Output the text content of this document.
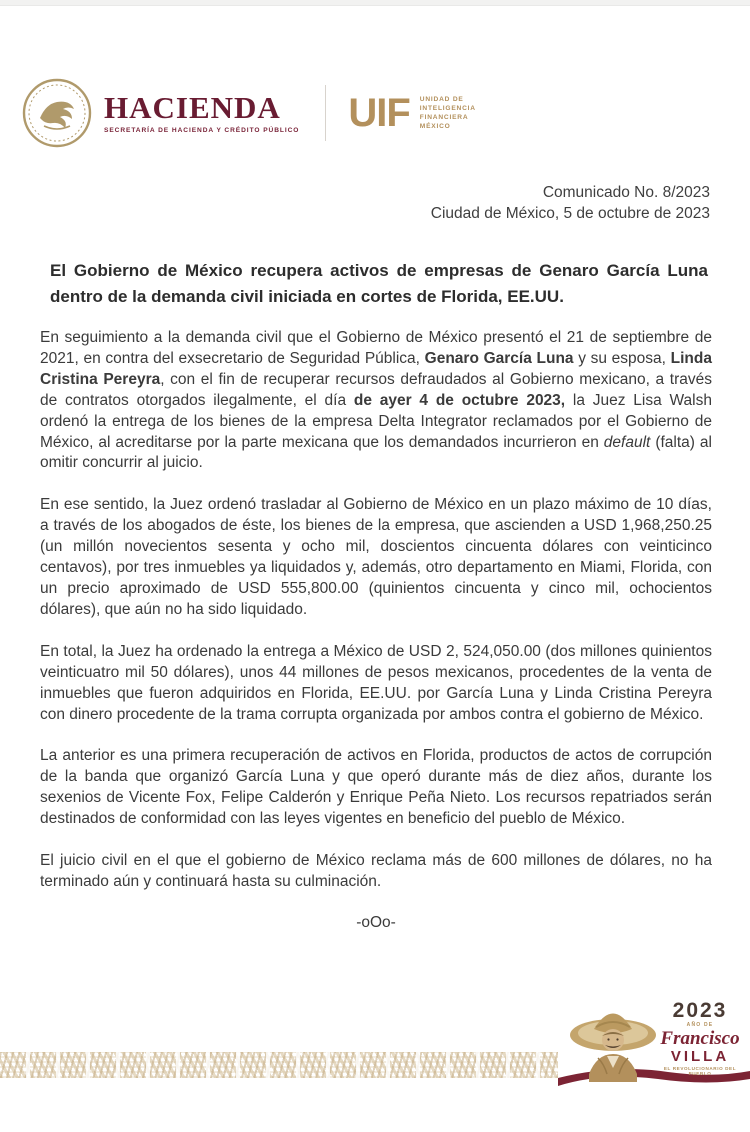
HACIENDA
SECRETARÍA DE HACIENDA Y CRÉDITO PÚBLICO UIF UNIDAD DE
INTELIGENCIA
FINANCIERA
MÉXICO
Comunicado No. 8/2023
Ciudad de México, 5 de octubre de 2023
El Gobierno de México recupera activos de empresas de Genaro García Luna dentro de la demanda civil iniciada en cortes de Florida, EE.UU.

En seguimiento a la demanda civil que el Gobierno de México presentó el 21 de septiembre de 2021, en contra del exsecretario de Seguridad Pública, Genaro García Luna y su esposa, Linda Cristina Pereyra, con el fin de recuperar recursos defraudados al Gobierno mexicano, a través de contratos otorgados ilegalmente, el día de ayer 4 de octubre 2023, la Juez Lisa Walsh ordenó la entrega de los bienes de la empresa Delta Integrator reclamados por el Gobierno de México, al acreditarse por la parte mexicana que los demandados incurrieron en default (falta) al omitir concurrir al juicio.

En ese sentido, la Juez ordenó trasladar al Gobierno de México en un plazo máximo de 10 días, a través de los abogados de éste, los bienes de la empresa, que ascienden a USD 1,968,250.25 (un millón novecientos sesenta y ocho mil, doscientos cincuenta dólares con veinticinco centavos), por tres inmuebles ya liquidados y, además, otro departamento en Miami, Florida, con un precio aproximado de USD 555,800.00 (quinientos cincuenta y cinco mil, ochocientos dólares), que aún no ha sido liquidado.

En total, la Juez ha ordenado la entrega a México de USD 2, 524,050.00 (dos millones quinientos veinticuatro mil 50 dólares), unos 44 millones de pesos mexicanos, procedentes de la venta de inmuebles que fueron adquiridos en Florida, EE.UU. por García Luna y Linda Cristina Pereyra con dinero procedente de la trama corrupta organizada por ambos contra el gobierno de México.

La anterior es una primera recuperación de activos en Florida, productos de actos de corrupción de la banda que organizó García Luna y que operó durante más de diez años, durante los sexenios de Vicente Fox, Felipe Calderón y Enrique Peña Nieto. Los recursos repatriados serán destinados de conformidad con las leyes vigentes en beneficio del pueblo de México.

El juicio civil en el que el gobierno de México reclama más de 600 millones de dólares, no ha terminado aún y continuará hasta su culminación.

-oOo-
2023
AÑO DE
Francisco
VILLA
EL REVOLUCIONARIO DEL PUEBLO
